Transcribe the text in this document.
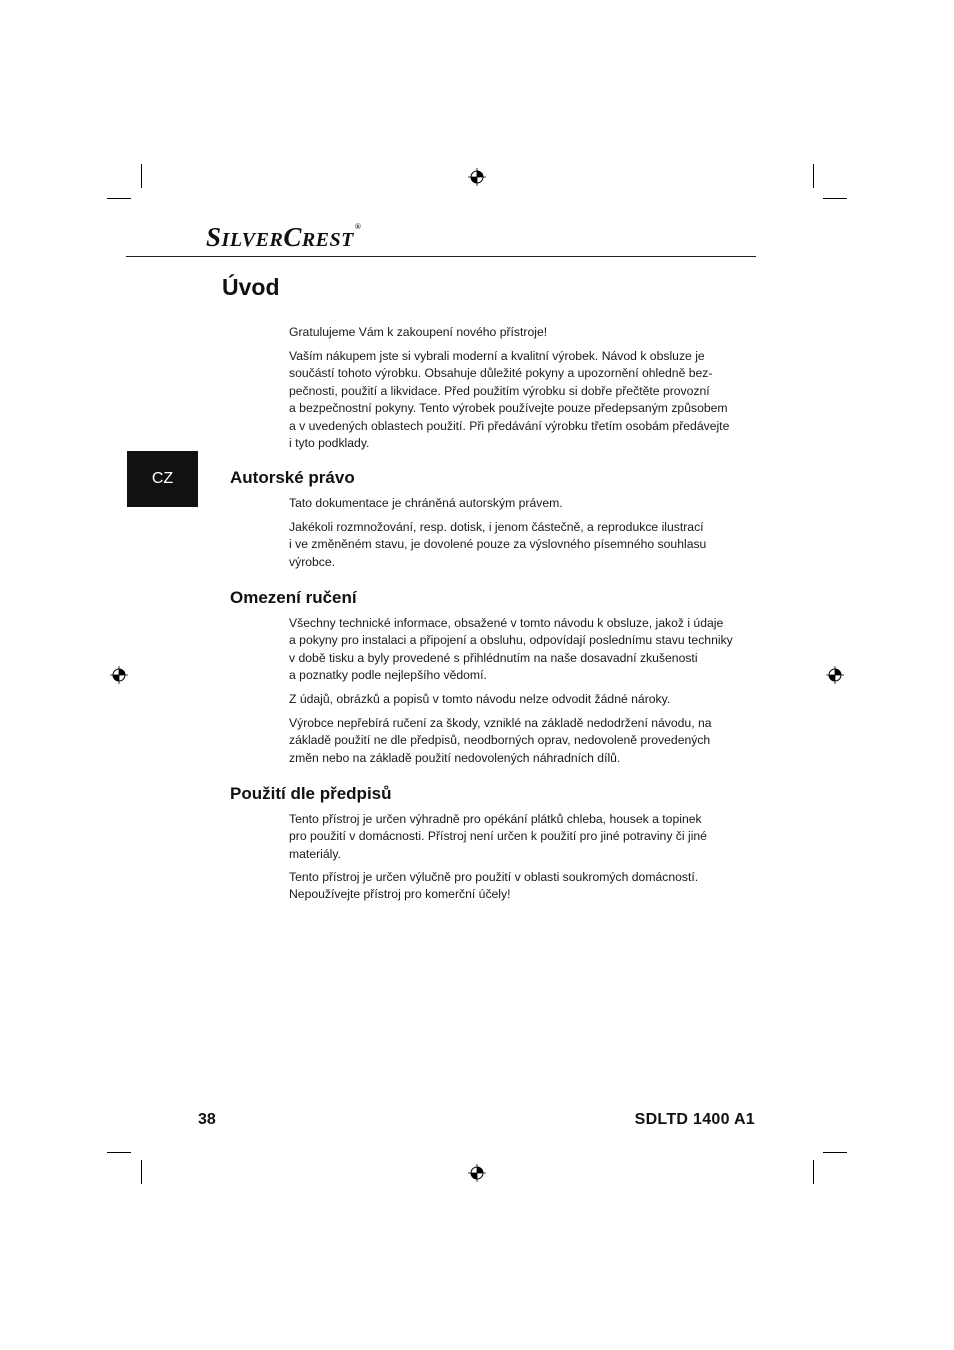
SILVERCREST®
Úvod

Gratulujeme Vám k zakoupení nového přístroje!

Vaším nákupem jste si vybrali moderní a kvalitní výrobek. Návod k obsluze je
součástí tohoto výrobku. Obsahuje důležité pokyny a upozornění ohledně bez-
pečnosti, použití a likvidace. Před použitím výrobku si dobře přečtěte provozní
a bezpečnostní pokyny. Tento výrobek používejte pouze předepsaným způsobem
a v uvedených oblastech použití. Při předávání výrobku třetím osobám předávejte
i tyto podklady.

CZ	Autorské právo

Tato dokumentace je chráněná autorským právem.

Jakékoli rozmnožování, resp. dotisk, i jenom částečně, a reprodukce ilustrací
i ve změněném stavu, je dovolené pouze za výslovného písemného souhlasu
výrobce.

Omezení ručení

Všechny technické informace, obsažené v tomto návodu k obsluze, jakož i údaje
a pokyny pro instalaci a připojení a obsluhu, odpovídají poslednímu stavu techniky
v době tisku a byly provedené s přihlédnutím na naše dosavadní zkušenosti
a poznatky podle nejlepšího vědomí.

Z údajů, obrázků a popisů v tomto návodu nelze odvodit žádné nároky.

Výrobce nepřebírá ručení za škody, vzniklé na základě nedodržení návodu, na
základě použití ne dle předpisů, neodborných oprav, nedovoleně provedených
změn nebo na základě použití nedovolených náhradních dílů.

Použití dle předpisů

Tento přístroj je určen výhradně pro opékání plátků chleba, housek a topinek
pro použití v domácnosti. Přístroj není určen k použití pro jiné potraviny či jiné
materiály.

Tento přístroj je určen výlučně pro použití v oblasti soukromých domácností.
Nepoužívejte přístroj pro komerční účely!

38	SDLTD 1400 A1
